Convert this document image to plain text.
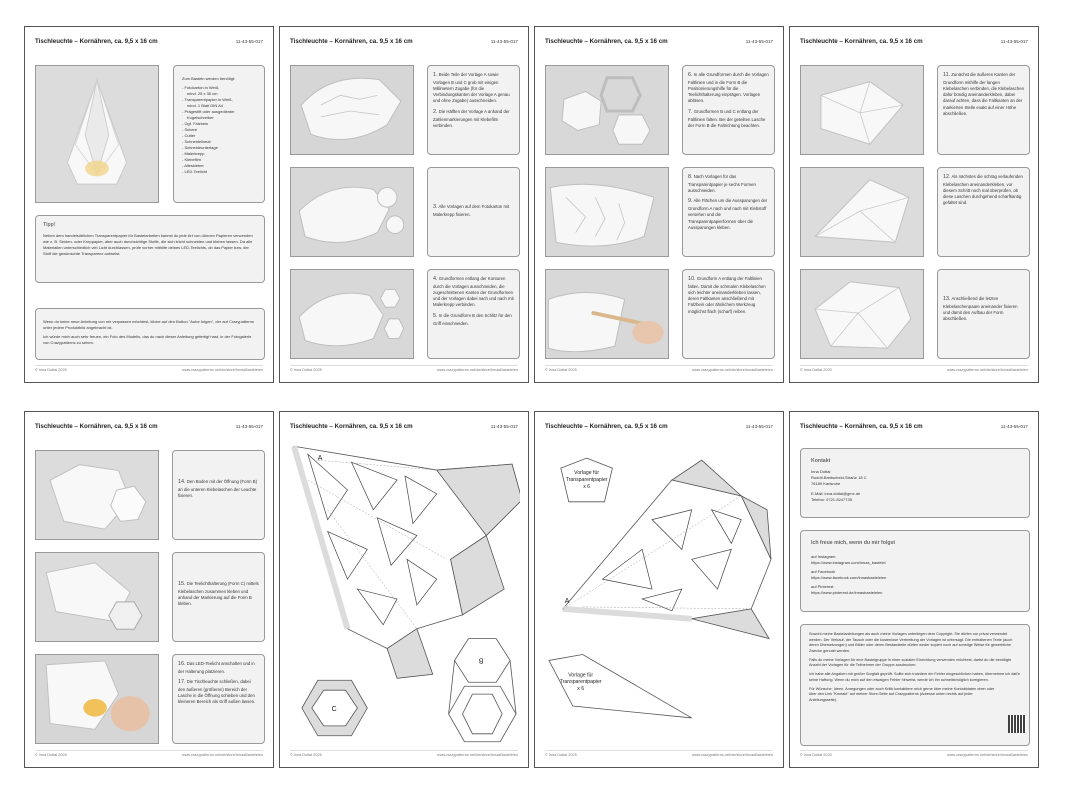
Tischleuchte – Kornähren, ca. 9,5 x 16 cm	11-43-55-017
Zum Basteln werden benötigt:
- Fotokarton in Weiß,
mind. 25 x 35 cm
- Transparentpapier in Weiß,
mind. 1 Blatt DIN A4
- Prägestift oder ausgedienter
Kugelschreiber
- Ggf. Falzbein
- Schere
- Cutter
- Schneidelineal
- Schneideunterlage
- Malerkrepp
- Klebefilm
- Alleskleber
- LED-Teelicht
Tipp!

Neben dem handelsüblichen Transparentpapier für Bastelarbeiten kannst du jede Art von dünnen Papieren verwenden wie z. B. Seiden- oder Kreppapier, aber auch durchsichtige Stoffe, die sich leicht schneiden und kleben lassen. Da alle Materialien unterschiedlich viel Licht durchlassen, prüfe vorher mithilfe deines LED-Teelichts, ob das Papier bzw. der Stoff die gewünschte Transparenz aufweist.

Wenn du keine neue Anleitung von mir verpassen möchtest, klicke auf den Button "Autor folgen", der auf Crazypatterns unter jedem Produktbild angebracht ist.

Ich würde mich auch sehr freuen, ein Foto des Modells, das du nach dieser Anleitung gefertigt hast, in der Fotogalerie von Crazypatterns zu sehen.

© Inna Dottai 2025	www.crazypatterns.net/de/store/InnasBasteleien
Tischleuchte – Kornähren, ca. 9,5 x 16 cm	11-43-55-017

1. Beide Teile der Vorlage A sowie Vorlagen B und C grob mit einigen Millimetern Zugabe (für die Verbindungskanten der Vorlage A genau und ohne Zugabe) ausschneiden.

2. Die Hälften der Vorlage A anhand der Zahlenmarkierungen mit Klebefilm verbinden.

3. Alle Vorlagen auf dem Fotokarton mit Malerkrepp fixieren.

4. Grundformen entlang der Konturen durch die Vorlagen ausschneiden, die zugeschnittenen Kanten der Grundformen und der Vorlagen dabei nach und nach mit Malerkrepp verbinden.

5. In die Grundform B den Schlitz für den Griff einschneiden.

© Inna Dottai 2025	www.crazypatterns.net/de/store/InnasBasteleien
Tischleuchte – Kornähren, ca. 9,5 x 16 cm	11-43-55-017

6. In alle Grundformen durch die Vorlagen Faltlinien und in die Form B die Positionierungshilfe für die Teelichthalterung einprägen. Vorlagen ablösen.

7. Grundformen B und C entlang der Faltlinien falten. Bei der geteilten Lasche der Form B die Faltrichtung beachten.

8. Nach Vorlagen für das Transparentpapier je sechs Formen ausschneiden.

9. Alle Flächen um die Aussparungen der Grundform A nach und nach mit Klebstoff versehen und die Transparentpapierformen über die Aussparungen kleben.

10. Grundform A entlang der Faltlinien falten. Damit die schmalen Klebelaschen sich leichter aneinanderkleben lassen, deren Faltkanten anschließend mit Falzbein oder ähnlichem Werkzeug möglichst flach (scharf) reiben.

© Inna Dottai 2025	www.crazypatterns.net/de/store/InnasBasteleien
Tischleuchte – Kornähren, ca. 9,5 x 16 cm	11-43-55-017

11. Zunächst die äußeren Kanten der Grundform mithilfe der langen Klebelaschen verbinden, die Klebelaschen dafür bündig aneinanderkleben, dabei darauf achten, dass die Faltkanten an der markierten Stelle exakt auf einer Höhe abschließen.

12. Als nächstes die schräg verlaufenden Klebelaschen aneinanderkleben, vor diesem Schritt noch mal überprüfen, ob diese Laschen durchgehend scharfkantig gefaltet sind.

13. Anschließend die letzten Klebelaschenpaare aneinander fixieren und damit den Aufbau der Form abschließen.

© Inna Dottai 2025	www.crazypatterns.net/de/store/InnasBasteleien
Tischleuchte – Kornähren, ca. 9,5 x 16 cm	11-43-55-017

14. Den Boden mit der Öffnung (Form B) an die unteren Klebelaschen der Leuchte fixieren.

15. Die Teelichthalterung (Form C) mittels Klebelaschen zusammen kleben und anhand der Markierung auf die Form B kleben.

16. Das LED-Teelicht anschalten und in der Halterung platzieren.

17. Die Tischleuchte schließen, dabei den äußeren (größeren) Bereich der Lasche in die Öffnung schieben und den kleineren Bereich als Griff außen lassen.

© Inna Dottai 2025	www.crazypatterns.net/de/store/InnasBasteleien
Tischleuchte – Kornähren, ca. 9,5 x 16 cm	11-43-55-017
A
B
C
© Inna Dottai 2025	www.crazypatterns.net/de/store/InnasBasteleien
Tischleuchte – Kornähren, ca. 9,5 x 16 cm	11-43-55-017
Vorlage für
Transparentpapier
x 6
A
Vorlage für
Transparentpapier
x 6
© Inna Dottai 2025	www.crazypatterns.net/de/store/InnasBasteleien
Tischleuchte – Kornähren, ca. 9,5 x 16 cm	11-43-55-017
Kontakt
Inna Dottai
Rudolf-Breitscheid-Straße 18 C
76189 Karlsruhe
E-Mail: inna.dottai@gmx.de
Telefon: 0721-8247735
Ich freue mich, wenn du mir folgst
auf Instagram
https://www.instagram.com/innas_bastelei
auf Facebook
https://www.facebook.com/innasbasteleien
auf Pinterest
https://www.pinterest.de/innasbasteleien

Sowohl meine Bastelanleitungen als auch meine Vorlagen unterliegen dem Copyright. Sie dürfen nur privat verwendet werden. Der Verkauf, der Tausch oder die kostenlose Verbreitung der Vorlagen ist untersagt. Die enthaltenen Texte (auch deren Übersetzungen) und Bilder oder deren Bestandteile dürfen weder kopiert noch auf sonstige Weise für gewerbliche Zwecke genutzt werden.

Falls du meine Vorlagen für eine Bastelgruppe in einer sozialen Einrichtung verwenden möchtest, darfst du die benötigte Anzahl der Vorlagen für die Teilnehmer der Gruppe ausdrucken.

Ich habe alle Angaben mit großer Sorgfalt geprüft. Sollte sich trotzdem ein Fehler eingeschlichen haben, übernehme ich dafür keine Haftung. Wenn du mich auf den etwaigen Fehler hinweist, werde ich ihn schnellstmöglich korrigieren.

Für Wünsche, Ideen, Anregungen oder auch Kritik kontaktiere mich gerne über meine Kontaktdaten oben oder über den Link "Kontakt" auf meiner Store-Seite auf Crazypatterns (Adresse unten rechts auf jeder Anleitungsseite).

© Inna Dottai 2025	www.crazypatterns.net/de/store/InnasBasteleien
